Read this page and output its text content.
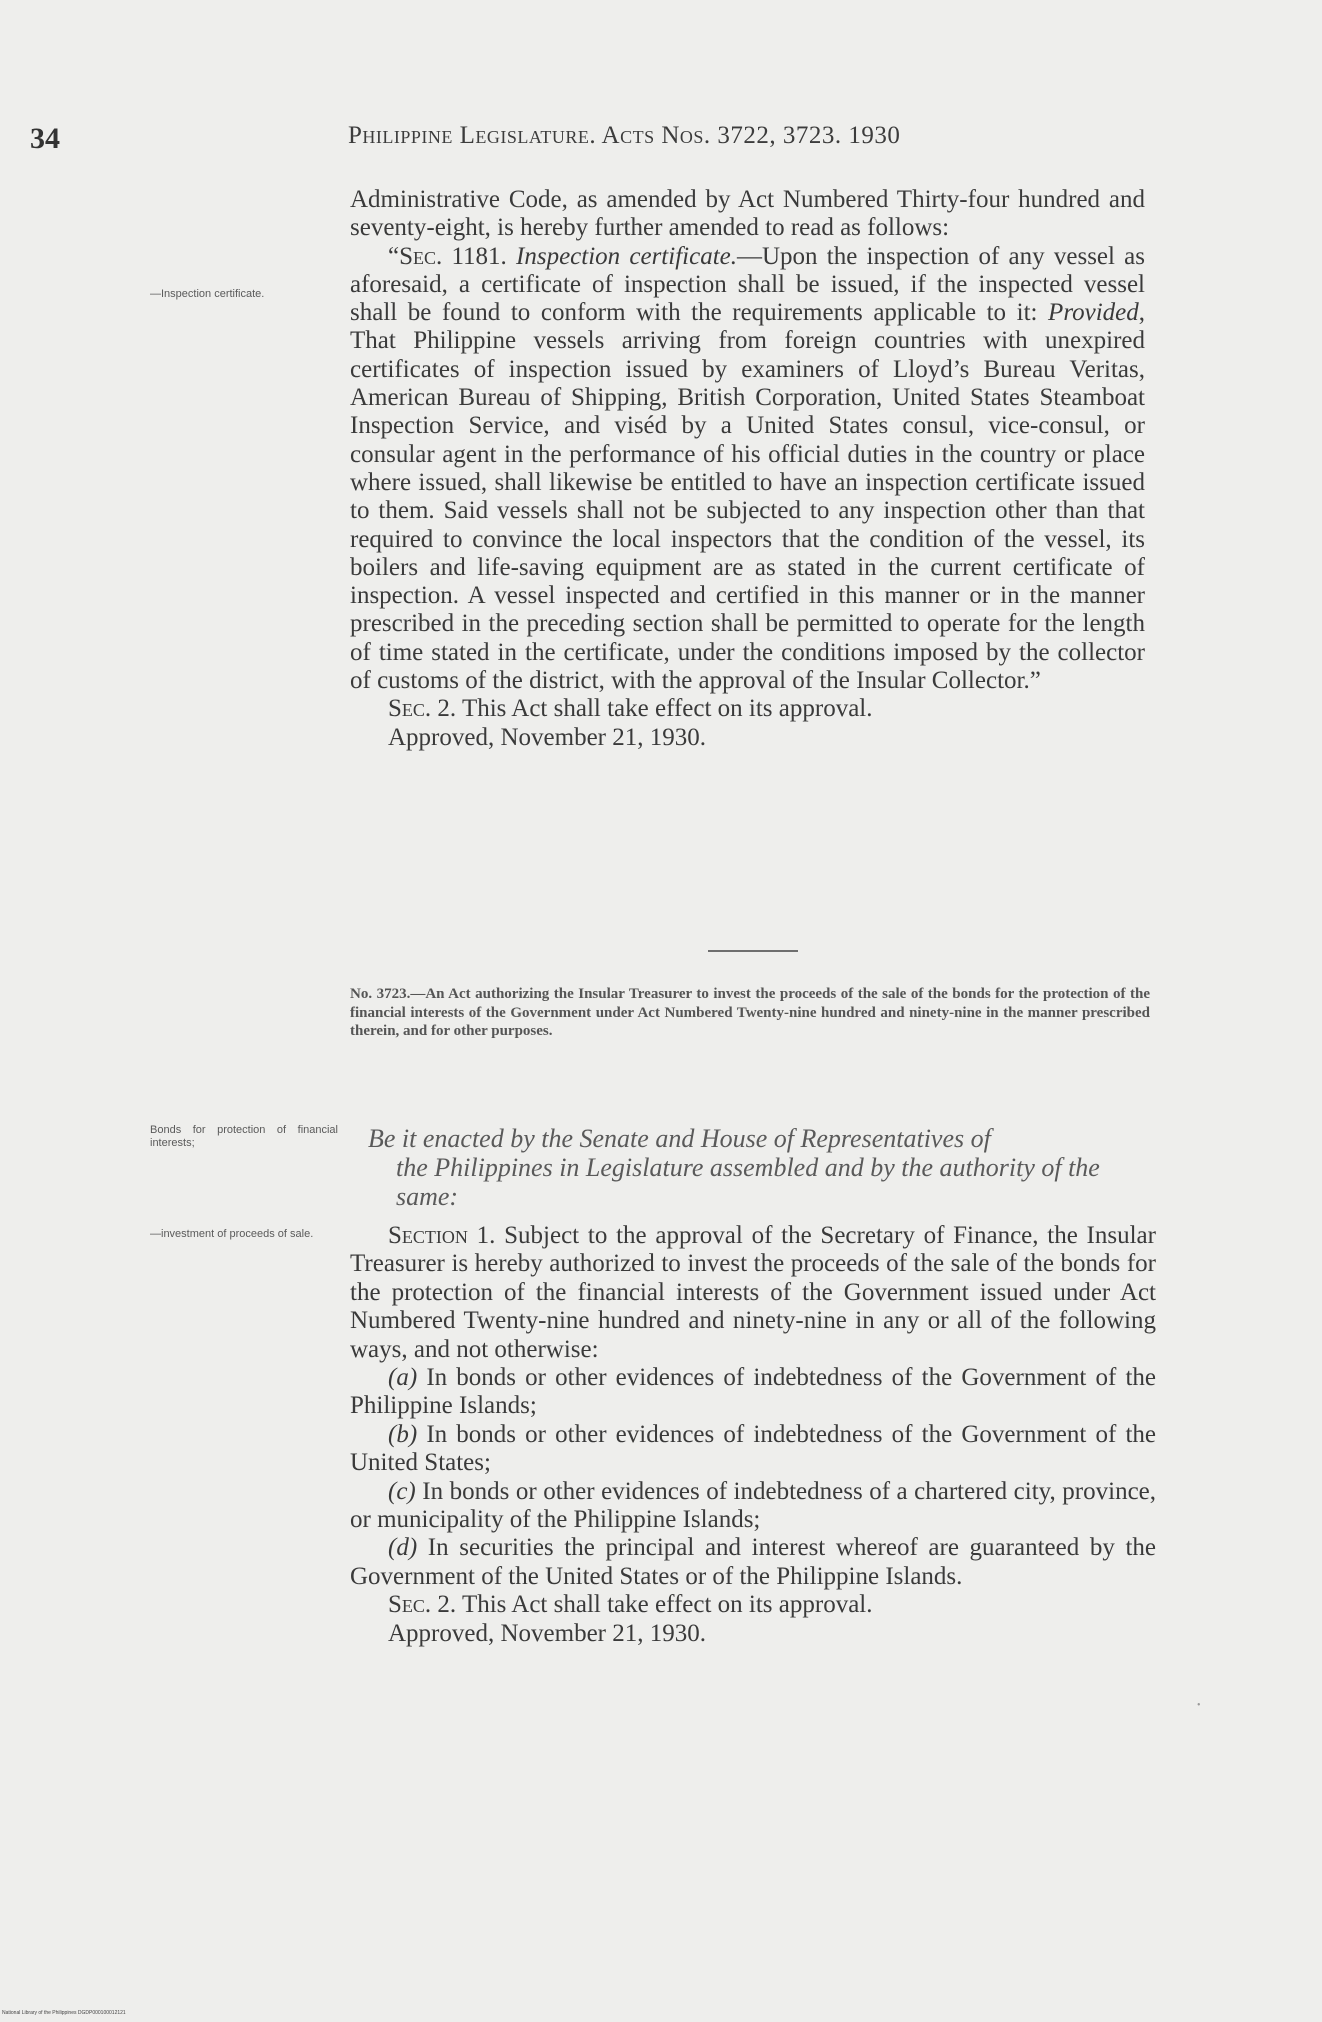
34	Philippine Legislature. Acts Nos. 3722, 3723. 1930
—Inspection certificate.

Administrative Code, as amended by Act Numbered Thirty-four hundred and seventy-eight, is hereby further amended to read as follows:

“Sec. 1181. Inspection certificate.—Upon the inspection of any vessel as aforesaid, a certificate of inspection shall be issued, if the inspected vessel shall be found to conform with the requirements applicable to it: Provided, That Philippine vessels arriving from foreign countries with unexpired certificates of inspection issued by examiners of Lloyd’s Bureau Veritas, American Bureau of Shipping, British Corporation, United States Steamboat Inspection Service, and viséd by a United States consul, vice-consul, or consular agent in the performance of his official duties in the country or place where issued, shall likewise be entitled to have an inspection certificate issued to them. Said vessels shall not be subjected to any inspection other than that required to convince the local inspectors that the condition of the vessel, its boilers and life-saving equipment are as stated in the current certificate of inspection. A vessel inspected and certified in this manner or in the manner prescribed in the preceding section shall be permitted to operate for the length of time stated in the certificate, under the conditions imposed by the collector of customs of the district, with the approval of the Insular Collector.”

Sec. 2. This Act shall take effect on its approval.

Approved, November 21, 1930.

No. 3723.—An Act authorizing the Insular Treasurer to invest the proceeds of the sale of the bonds for the protection of the financial interests of the Government under Act Numbered Twenty-nine hundred and ninety-nine in the manner prescribed therein, and for other purposes.
Bonds for protection of financial interests;	Be it enacted by the Senate and House of Representatives of
the Philippines in Legislature assembled and by the authority of the same:
—investment of proceeds of sale.	Section 1. Subject to the approval of the Secretary of Finance, the Insular Treasurer is hereby authorized to invest the proceeds of the sale of the bonds for the protection of the financial interests of the Government issued under Act Numbered Twenty-nine hundred and ninety-nine in any or all of the following ways, and not otherwise:

(a) In bonds or other evidences of indebtedness of the Government of the Philippine Islands;

(b) In bonds or other evidences of indebtedness of the Government of the United States;

(c) In bonds or other evidences of indebtedness of a chartered city, province, or municipality of the Philippine Islands;

(d) In securities the principal and interest whereof are guaranteed by the Government of the United States or of the Philippine Islands.

Sec. 2. This Act shall take effect on its approval.

Approved, November 21, 1930.

•
National Library of the Philippines DGDP000100012121
